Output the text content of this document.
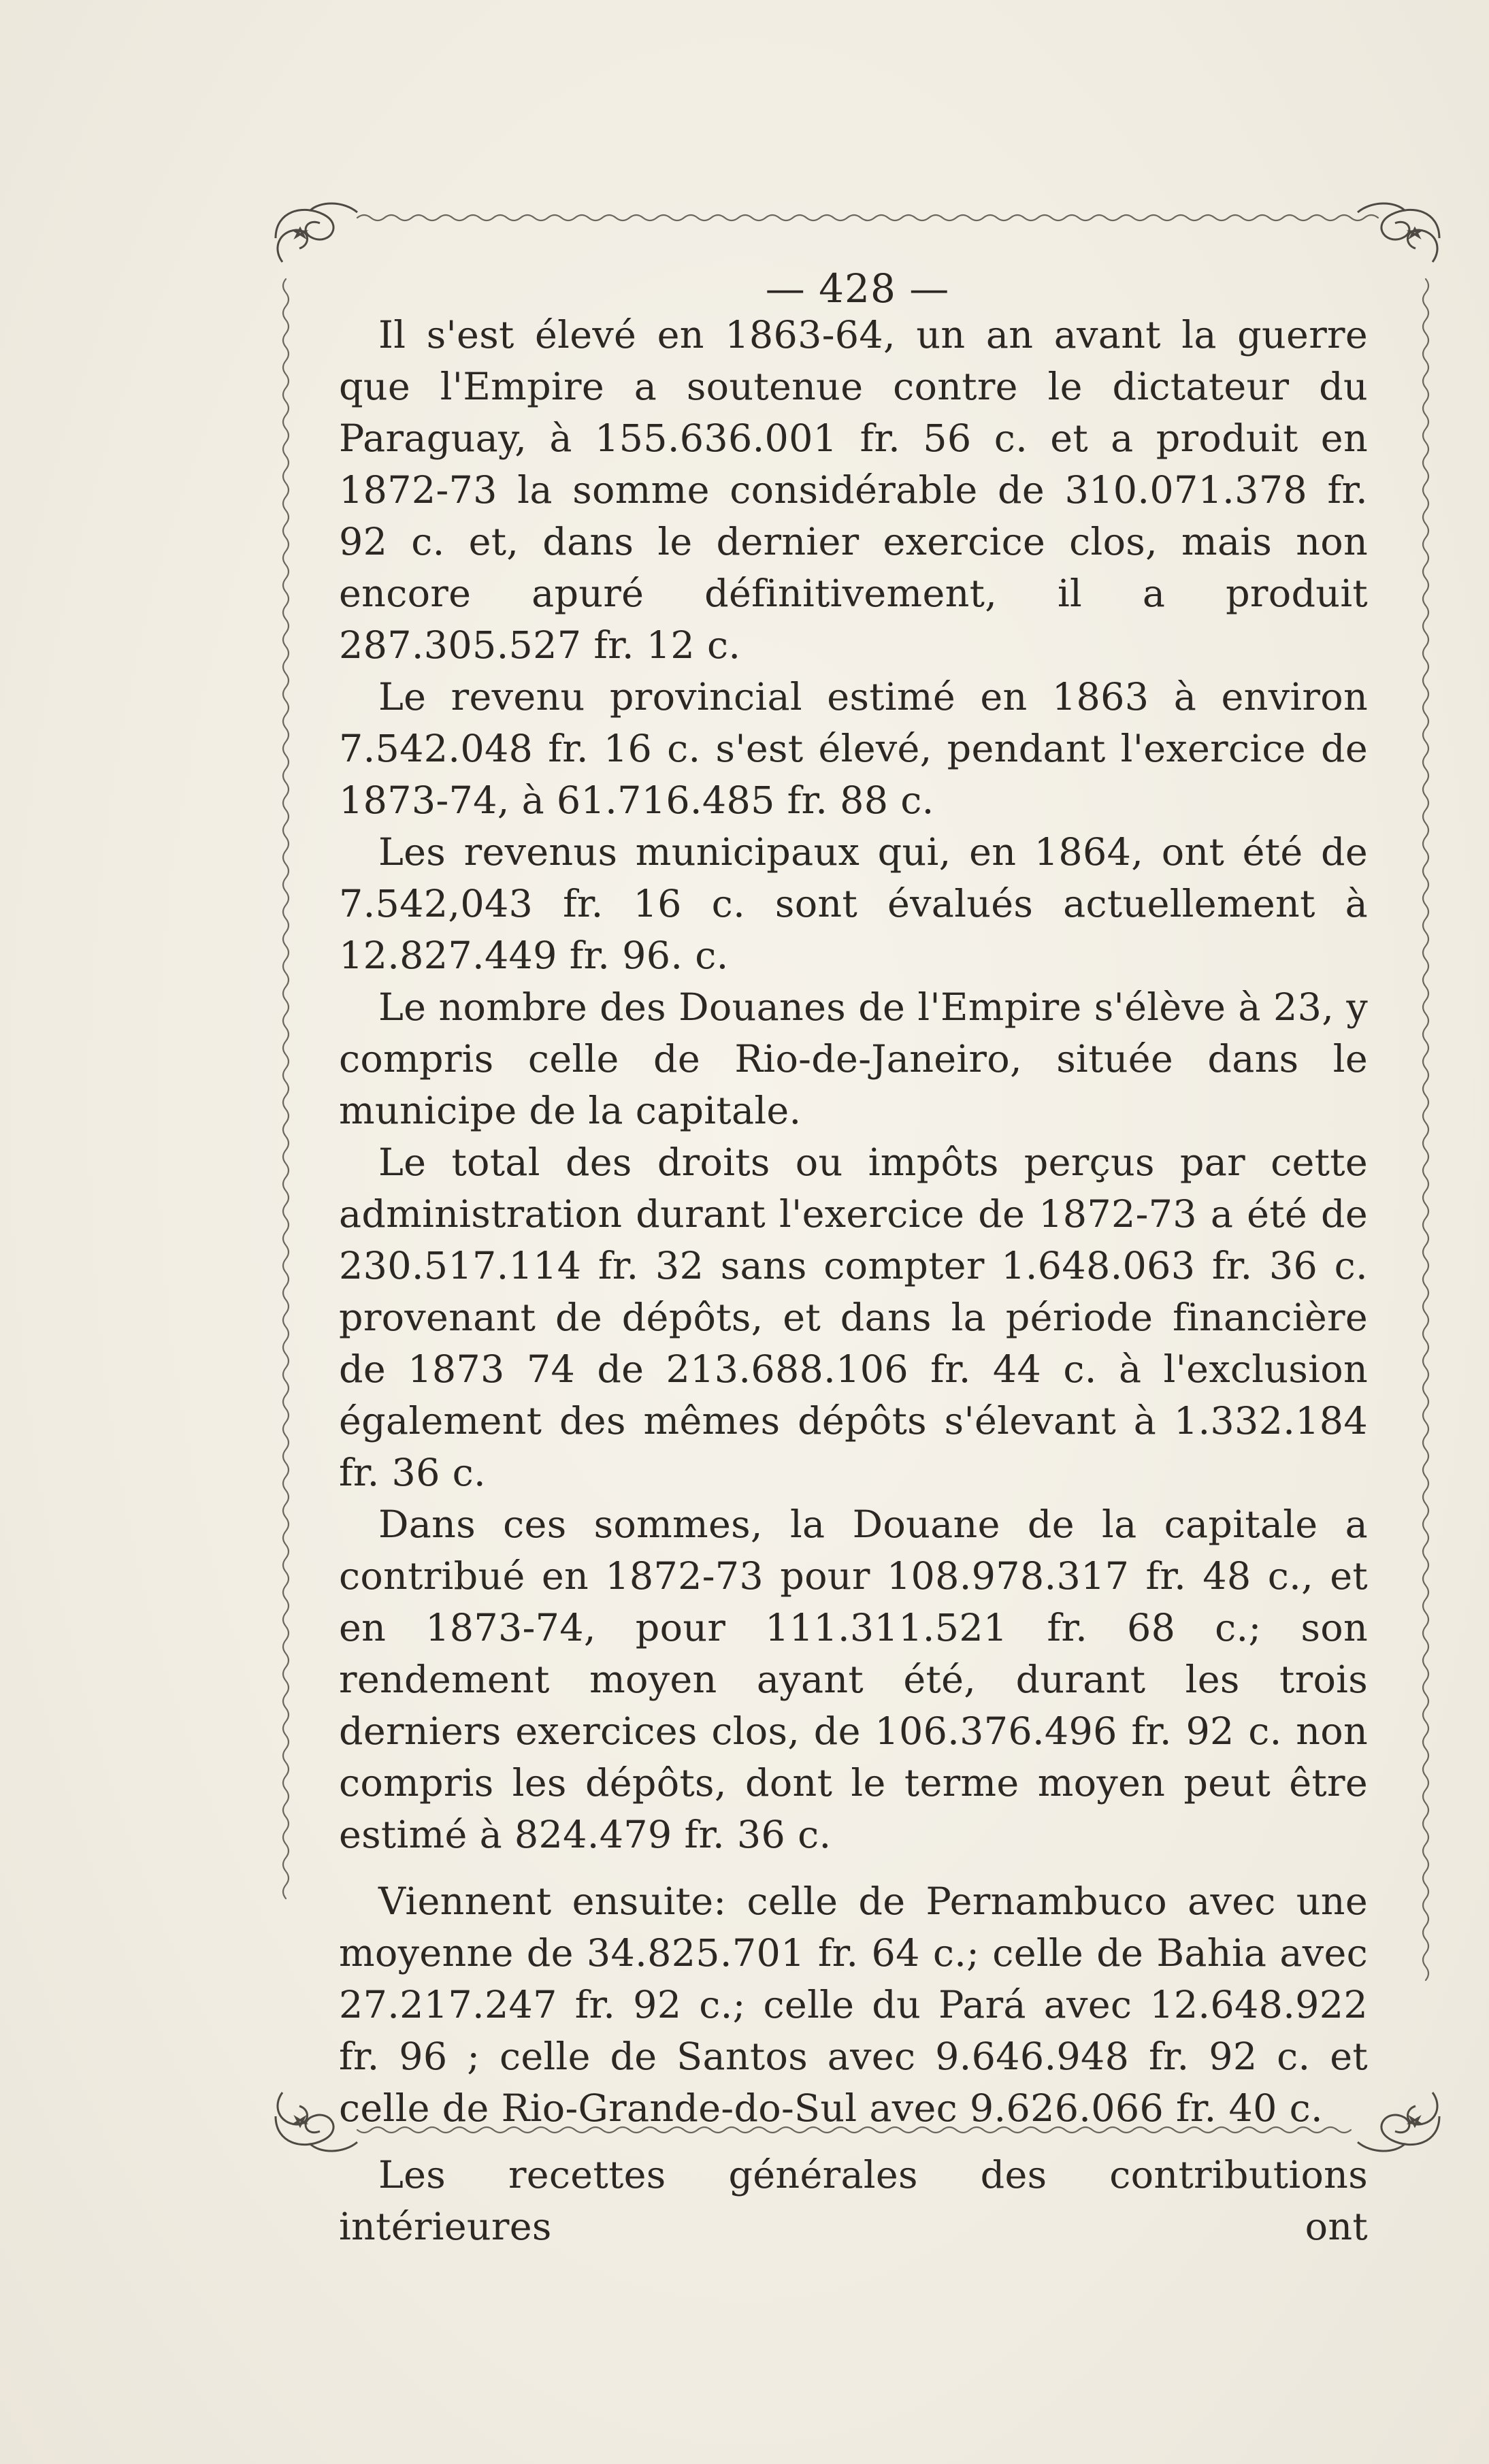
— 428 —

Il s'est élevé en 1863-64, un an avant la guerre que l'Empire a soutenue contre le dictateur du Paraguay, à 155.636.001 fr. 56 c. et a produit en 1872-73 la somme considérable de 310.071.378 fr. 92 c. et, dans le dernier exercice clos, mais non encore apuré définitivement, il a produit 287.305.527 fr. 12 c.

Le revenu provincial estimé en 1863 à environ 7.542.048 fr. 16 c. s'est élevé, pendant l'exercice de 1873-74, à 61.716.485 fr. 88 c.

Les revenus municipaux qui, en 1864, ont été de 7.542,043 fr. 16 c. sont évalués actuellement à 12.827.449 fr. 96. c.

Le nombre des Douanes de l'Empire s'élève à 23, y compris celle de Rio-de-Janeiro, située dans le municipe de la capitale.

Le total des droits ou impôts perçus par cette administration durant l'exercice de 1872-73 a été de 230.517.114 fr. 32 sans compter 1.648.063 fr. 36 c. provenant de dépôts, et dans la période financière de 1873 74 de 213.688.106 fr. 44 c. à l'exclusion également des mêmes dépôts s'élevant à 1.332.184 fr. 36 c.

Dans ces sommes, la Douane de la capitale a contribué en 1872-73 pour 108.978.317 fr. 48 c., et en 1873-74, pour 111.311.521 fr. 68 c.; son rendement moyen ayant été, durant les trois derniers exercices clos, de 106.376.496 fr. 92 c. non compris les dépôts, dont le terme moyen peut être estimé à 824.479 fr. 36 c.

Viennent ensuite: celle de Pernambuco avec une moyenne de 34.825.701 fr. 64 c.; celle de Bahia avec 27.217.247 fr. 92 c.; celle du Pará avec 12.648.922 fr. 96 ; celle de Santos avec 9.646.948 fr. 92 c. et celle de Rio-Grande-do-Sul avec 9.626.066 fr. 40 c.

Les recettes générales des contributions intérieures ont
